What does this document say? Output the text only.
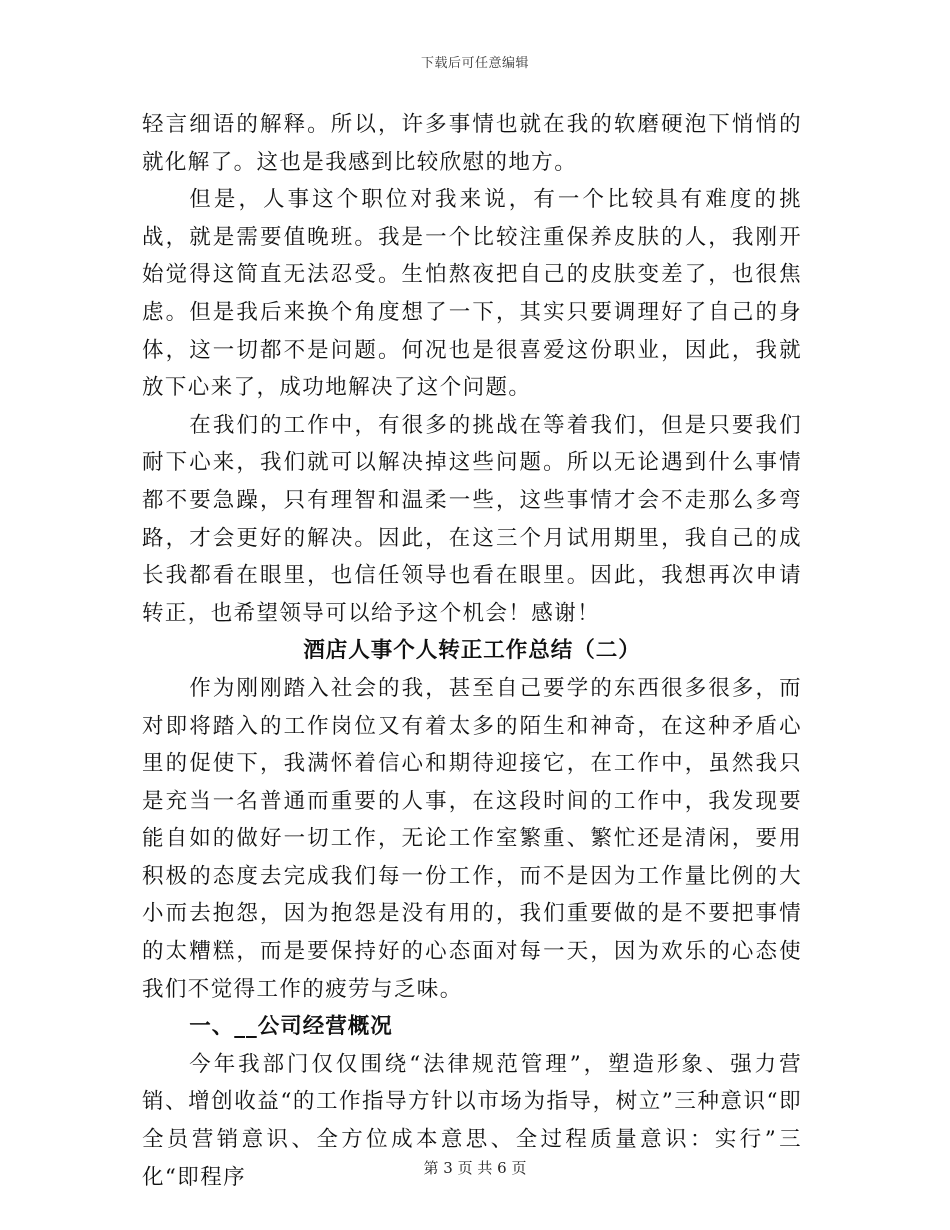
下载后可任意编辑

轻言细语的解释。所以，许多事情也就在我的软磨硬泡下悄悄的就化解了。这也是我感到比较欣慰的地方。

但是，人事这个职位对我来说，有一个比较具有难度的挑战，就是需要值晚班。我是一个比较注重保养皮肤的人，我刚开始觉得这简直无法忍受。生怕熬夜把自己的皮肤变差了，也很焦虑。但是我后来换个角度想了一下，其实只要调理好了自己的身体，这一切都不是问题。何况也是很喜爱这份职业，因此，我就放下心来了，成功地解决了这个问题。

在我们的工作中，有很多的挑战在等着我们，但是只要我们耐下心来，我们就可以解决掉这些问题。所以无论遇到什么事情都不要急躁，只有理智和温柔一些，这些事情才会不走那么多弯路，才会更好的解决。因此，在这三个月试用期里，我自己的成长我都看在眼里，也信任领导也看在眼里。因此，我想再次申请转正，也希望领导可以给予这个机会！感谢！

酒店人事个人转正工作总结（二）

作为刚刚踏入社会的我，甚至自己要学的东西很多很多，而对即将踏入的工作岗位又有着太多的陌生和神奇，在这种矛盾心里的促使下，我满怀着信心和期待迎接它，在工作中，虽然我只是充当一名普通而重要的人事，在这段时间的工作中，我发现要能自如的做好一切工作，无论工作室繁重、繁忙还是清闲，要用积极的态度去完成我们每一份工作，而不是因为工作量比例的大小而去抱怨，因为抱怨是没有用的，我们重要做的是不要把事情的太糟糕，而是要保持好的心态面对每一天，因为欢乐的心态使我们不觉得工作的疲劳与乏味。

一、__公司经营概况

今年我部门仅仅围绕“法律规范管理”，塑造形象、强力营销、增创收益“的工作指导方针以市场为指导，树立”三种意识“即全员营销意识、全方位成本意思、全过程质量意识：实行”三化“即程序	第 3 页 共 6 页
